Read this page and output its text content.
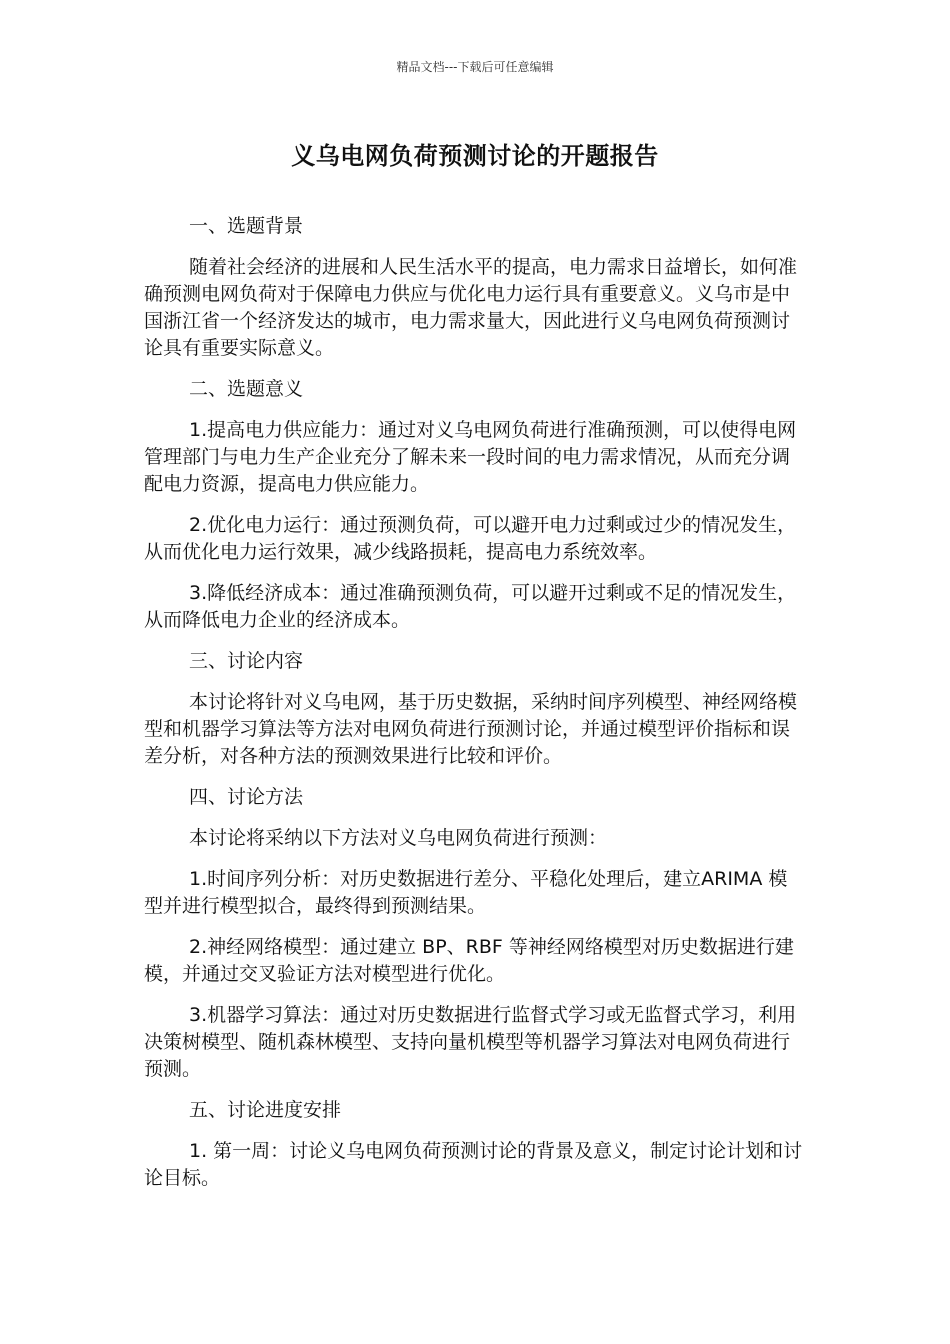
精品文档---下载后可任意编辑
义乌电网负荷预测讨论的开题报告

一、选题背景

随着社会经济的进展和人民生活水平的提高，电力需求日益增长，如何准确预测电网负荷对于保障电力供应与优化电力运行具有重要意义。义乌市是中国浙江省一个经济发达的城市，电力需求量大，因此进行义乌电网负荷预测讨论具有重要实际意义。

二、选题意义

1.提高电力供应能力：通过对义乌电网负荷进行准确预测，可以使得电网管理部门与电力生产企业充分了解未来一段时间的电力需求情况，从而充分调配电力资源，提高电力供应能力。

2.优化电力运行：通过预测负荷，可以避开电力过剩或过少的情况发生，从而优化电力运行效果，减少线路损耗，提高电力系统效率。

3.降低经济成本：通过准确预测负荷，可以避开过剩或不足的情况发生，从而降低电力企业的经济成本。

三、讨论内容

本讨论将针对义乌电网，基于历史数据，采纳时间序列模型、神经网络模型和机器学习算法等方法对电网负荷进行预测讨论，并通过模型评价指标和误差分析，对各种方法的预测效果进行比较和评价。

四、讨论方法

本讨论将采纳以下方法对义乌电网负荷进行预测：

1.时间序列分析：对历史数据进行差分、平稳化处理后，建立ARIMA 模型并进行模型拟合，最终得到预测结果。

2.神经网络模型：通过建立 BP、RBF 等神经网络模型对历史数据进行建模，并通过交叉验证方法对模型进行优化。

3.机器学习算法：通过对历史数据进行监督式学习或无监督式学习，利用决策树模型、随机森林模型、支持向量机模型等机器学习算法对电网负荷进行预测。

五、讨论进度安排

1. 第一周：讨论义乌电网负荷预测讨论的背景及意义，制定讨论计划和讨论目标。
